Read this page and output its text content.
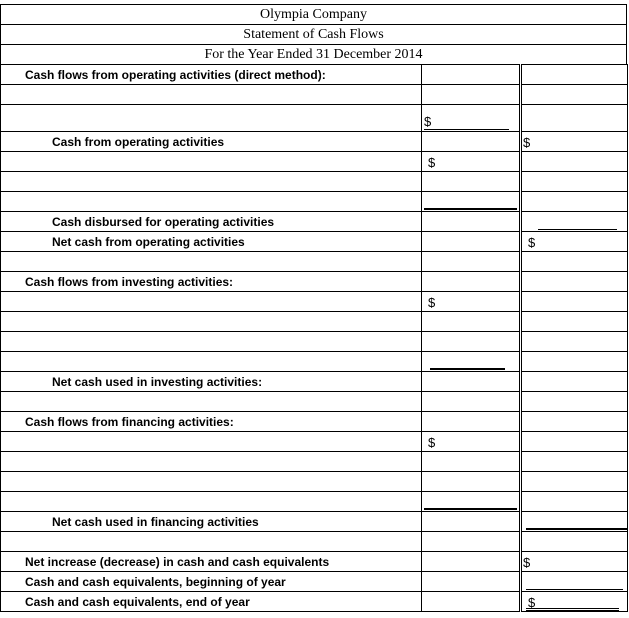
Olympia Company
Statement of Cash Flows
For the Year Ended 31 December 2014
Cash flows from operating activities (direct method):		

	$	

Cash from operating activities		$

	$	

Cash disbursed for operating activities		

Net cash from operating activities		$

Cash flows from investing activities:		

	$	

Net cash used in investing activities:		

Cash flows from financing activities:		

	$	

Net cash used in financing activities		

Net increase (decrease) in cash and cash equivalents		$

Cash and cash equivalents, beginning of year		

Cash and cash equivalents, end of year		$
